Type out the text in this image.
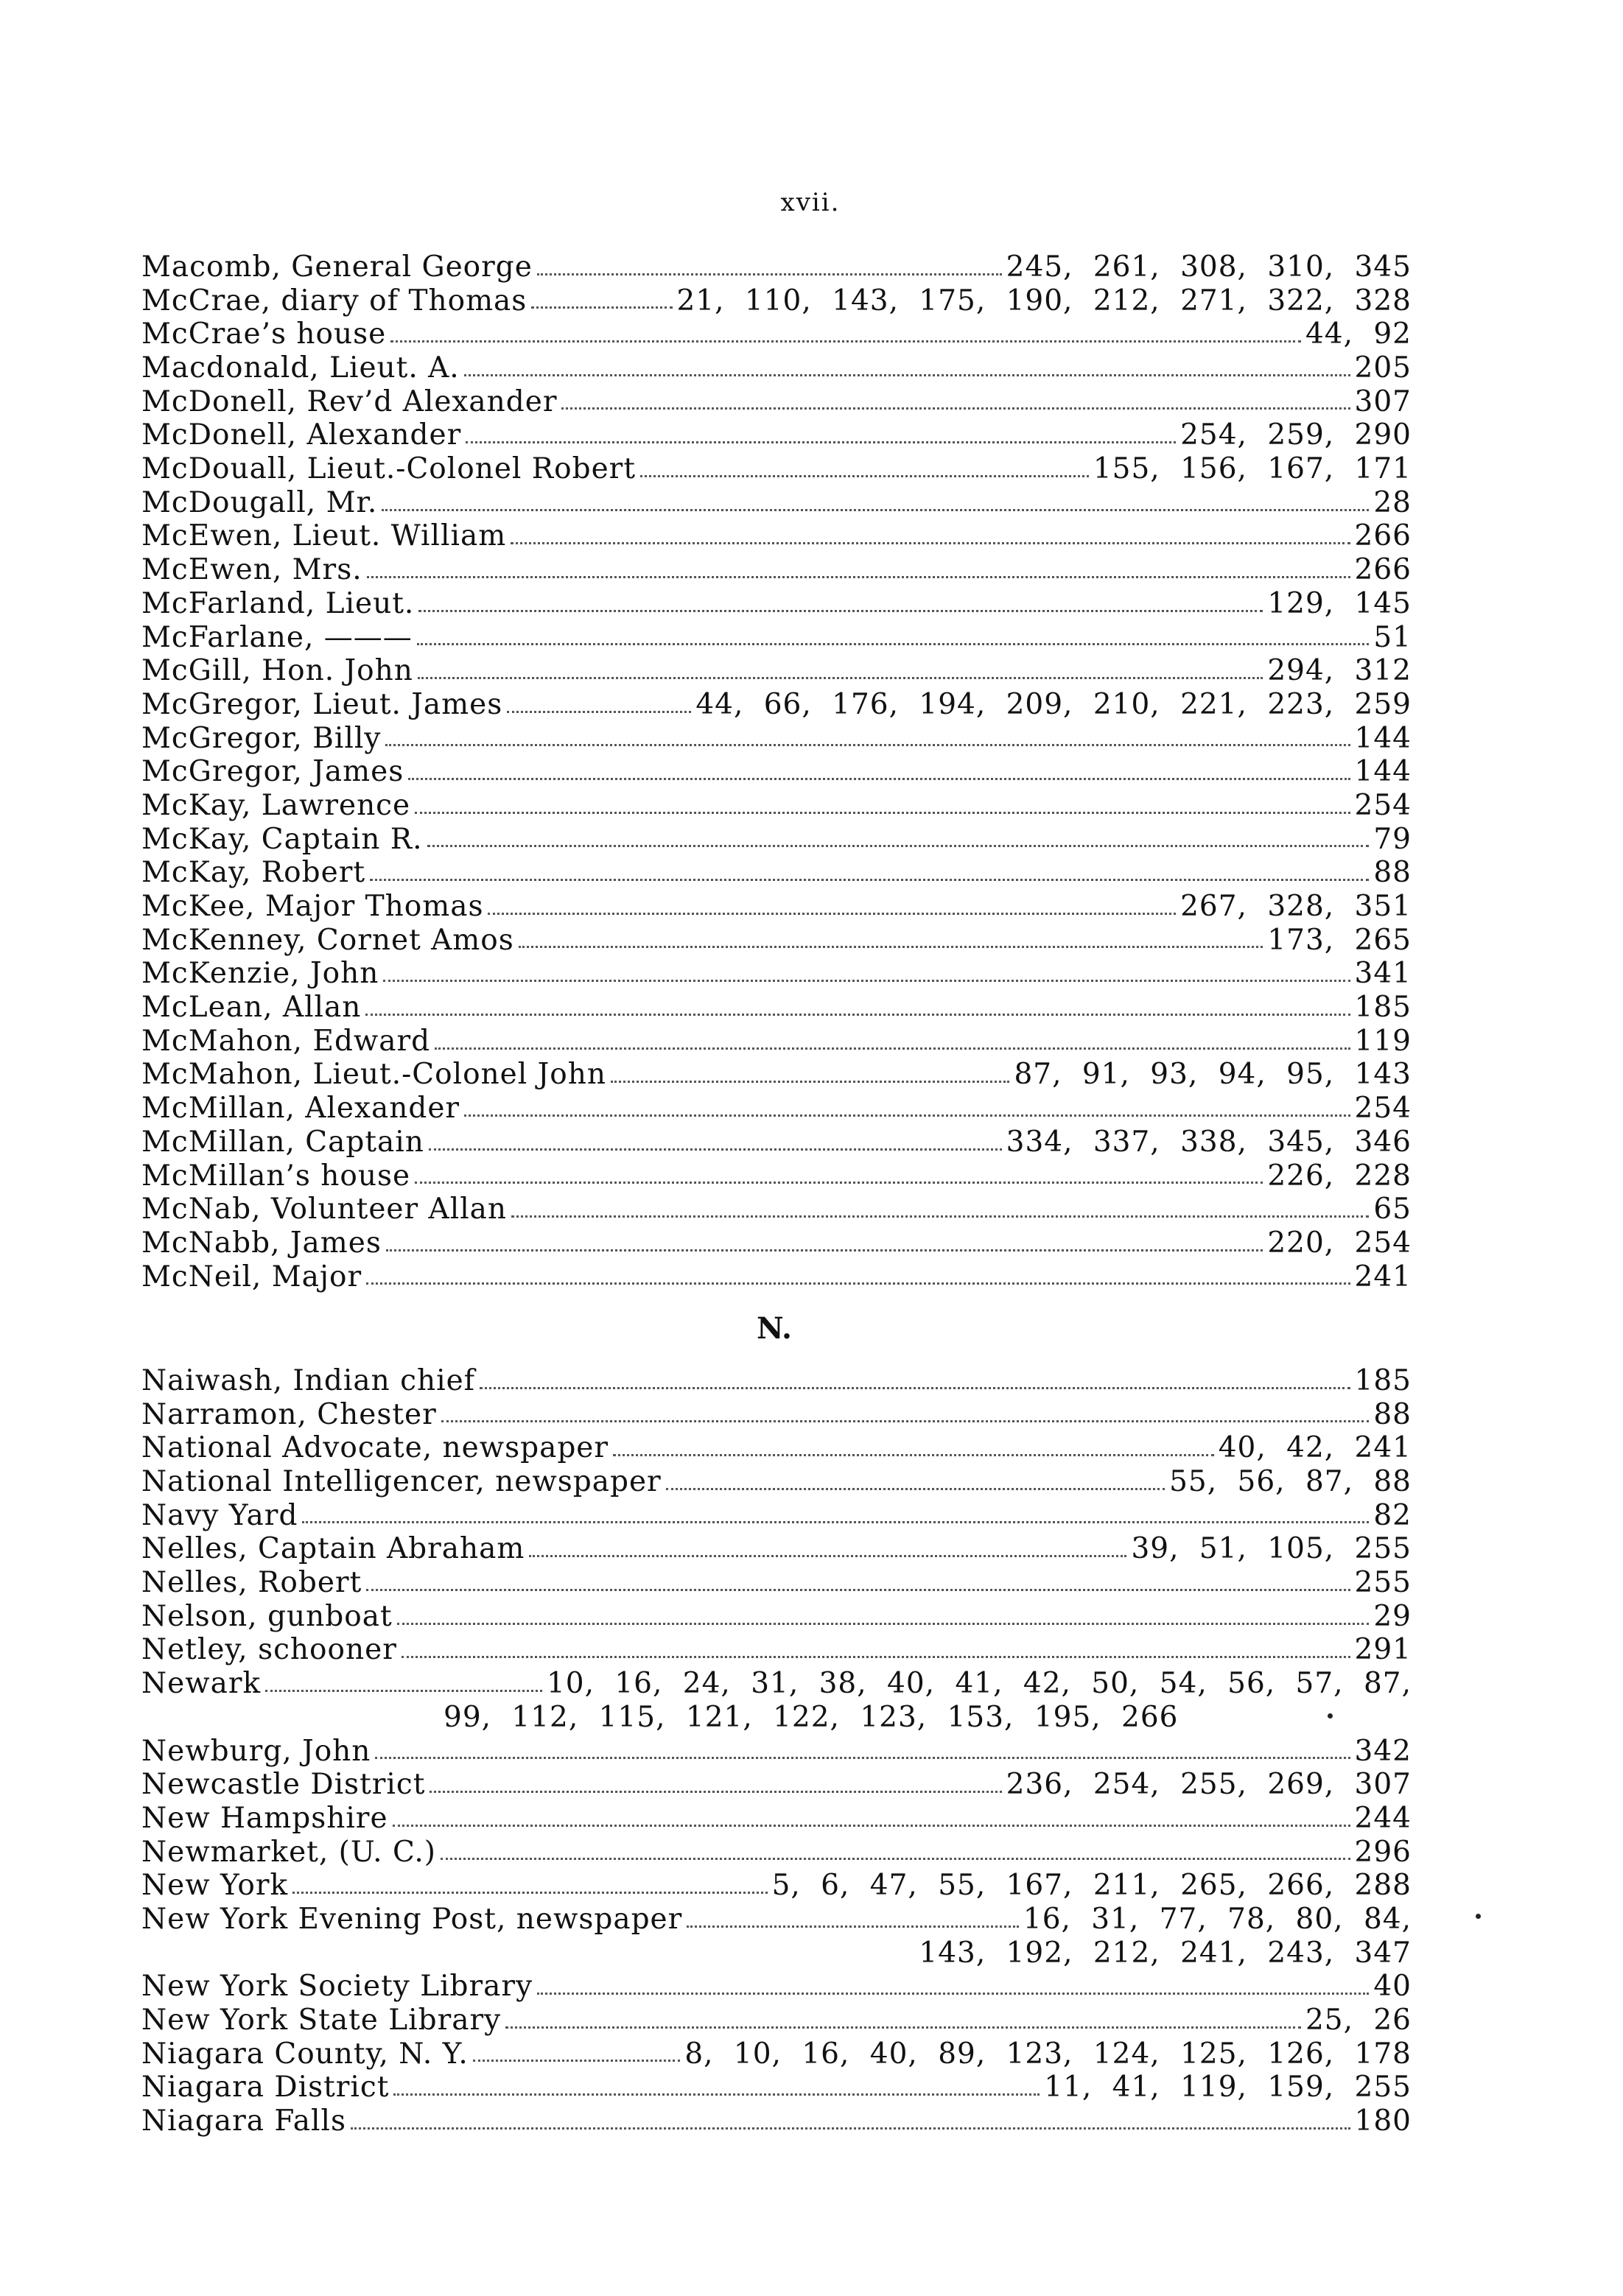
xvii.
Macomb, General George	245, 261, 308, 310, 345
McCrae, diary of Thomas	21, 110, 143, 175, 190, 212, 271, 322, 328
McCrae’s house	44, 92
Macdonald, Lieut. A.	205
McDonell, Rev’d Alexander	307
McDonell, Alexander	254, 259, 290
McDouall, Lieut.-Colonel Robert	155, 156, 167, 171
McDougall, Mr.	28
McEwen, Lieut. William	266
McEwen, Mrs.	266
McFarland, Lieut.	129, 145
McFarlane, ———	51
McGill, Hon. John	294, 312
McGregor, Lieut. James	44, 66, 176, 194, 209, 210, 221, 223, 259
McGregor, Billy	144
McGregor, James	144
McKay, Lawrence	254
McKay, Captain R.	79
McKay, Robert	88
McKee, Major Thomas	267, 328, 351
McKenney, Cornet Amos	173, 265
McKenzie, John	341
McLean, Allan	185
McMahon, Edward	119
McMahon, Lieut.-Colonel John	87, 91, 93, 94, 95, 143
McMillan, Alexander	254
McMillan, Captain	334, 337, 338, 345, 346
McMillan’s house	226, 228
McNab, Volunteer Allan	65
McNabb, James	220, 254
McNeil, Major	241
N.
Naiwash, Indian chief	185
Narramon, Chester	88
National Advocate, newspaper	40, 42, 241
National Intelligencer, newspaper	55, 56, 87, 88
Navy Yard	82
Nelles, Captain Abraham	39, 51, 105, 255
Nelles, Robert	255
Nelson, gunboat	29
Netley, schooner	291
Newark	10, 16, 24, 31, 38, 40, 41, 42, 50, 54, 56, 57, 87,
99, 112, 115, 121, 122, 123, 153, 195, 266
Newburg, John	342
Newcastle District	236, 254, 255, 269, 307
New Hampshire	244
Newmarket, (U. C.)	296
New York	5, 6, 47, 55, 167, 211, 265, 266, 288
New York Evening Post, newspaper	16, 31, 77, 78, 80, 84,
143, 192, 212, 241, 243, 347
New York Society Library	40
New York State Library	25, 26
Niagara County, N. Y.	8, 10, 16, 40, 89, 123, 124, 125, 126, 178
Niagara District	11, 41, 119, 159, 255
Niagara Falls	180
